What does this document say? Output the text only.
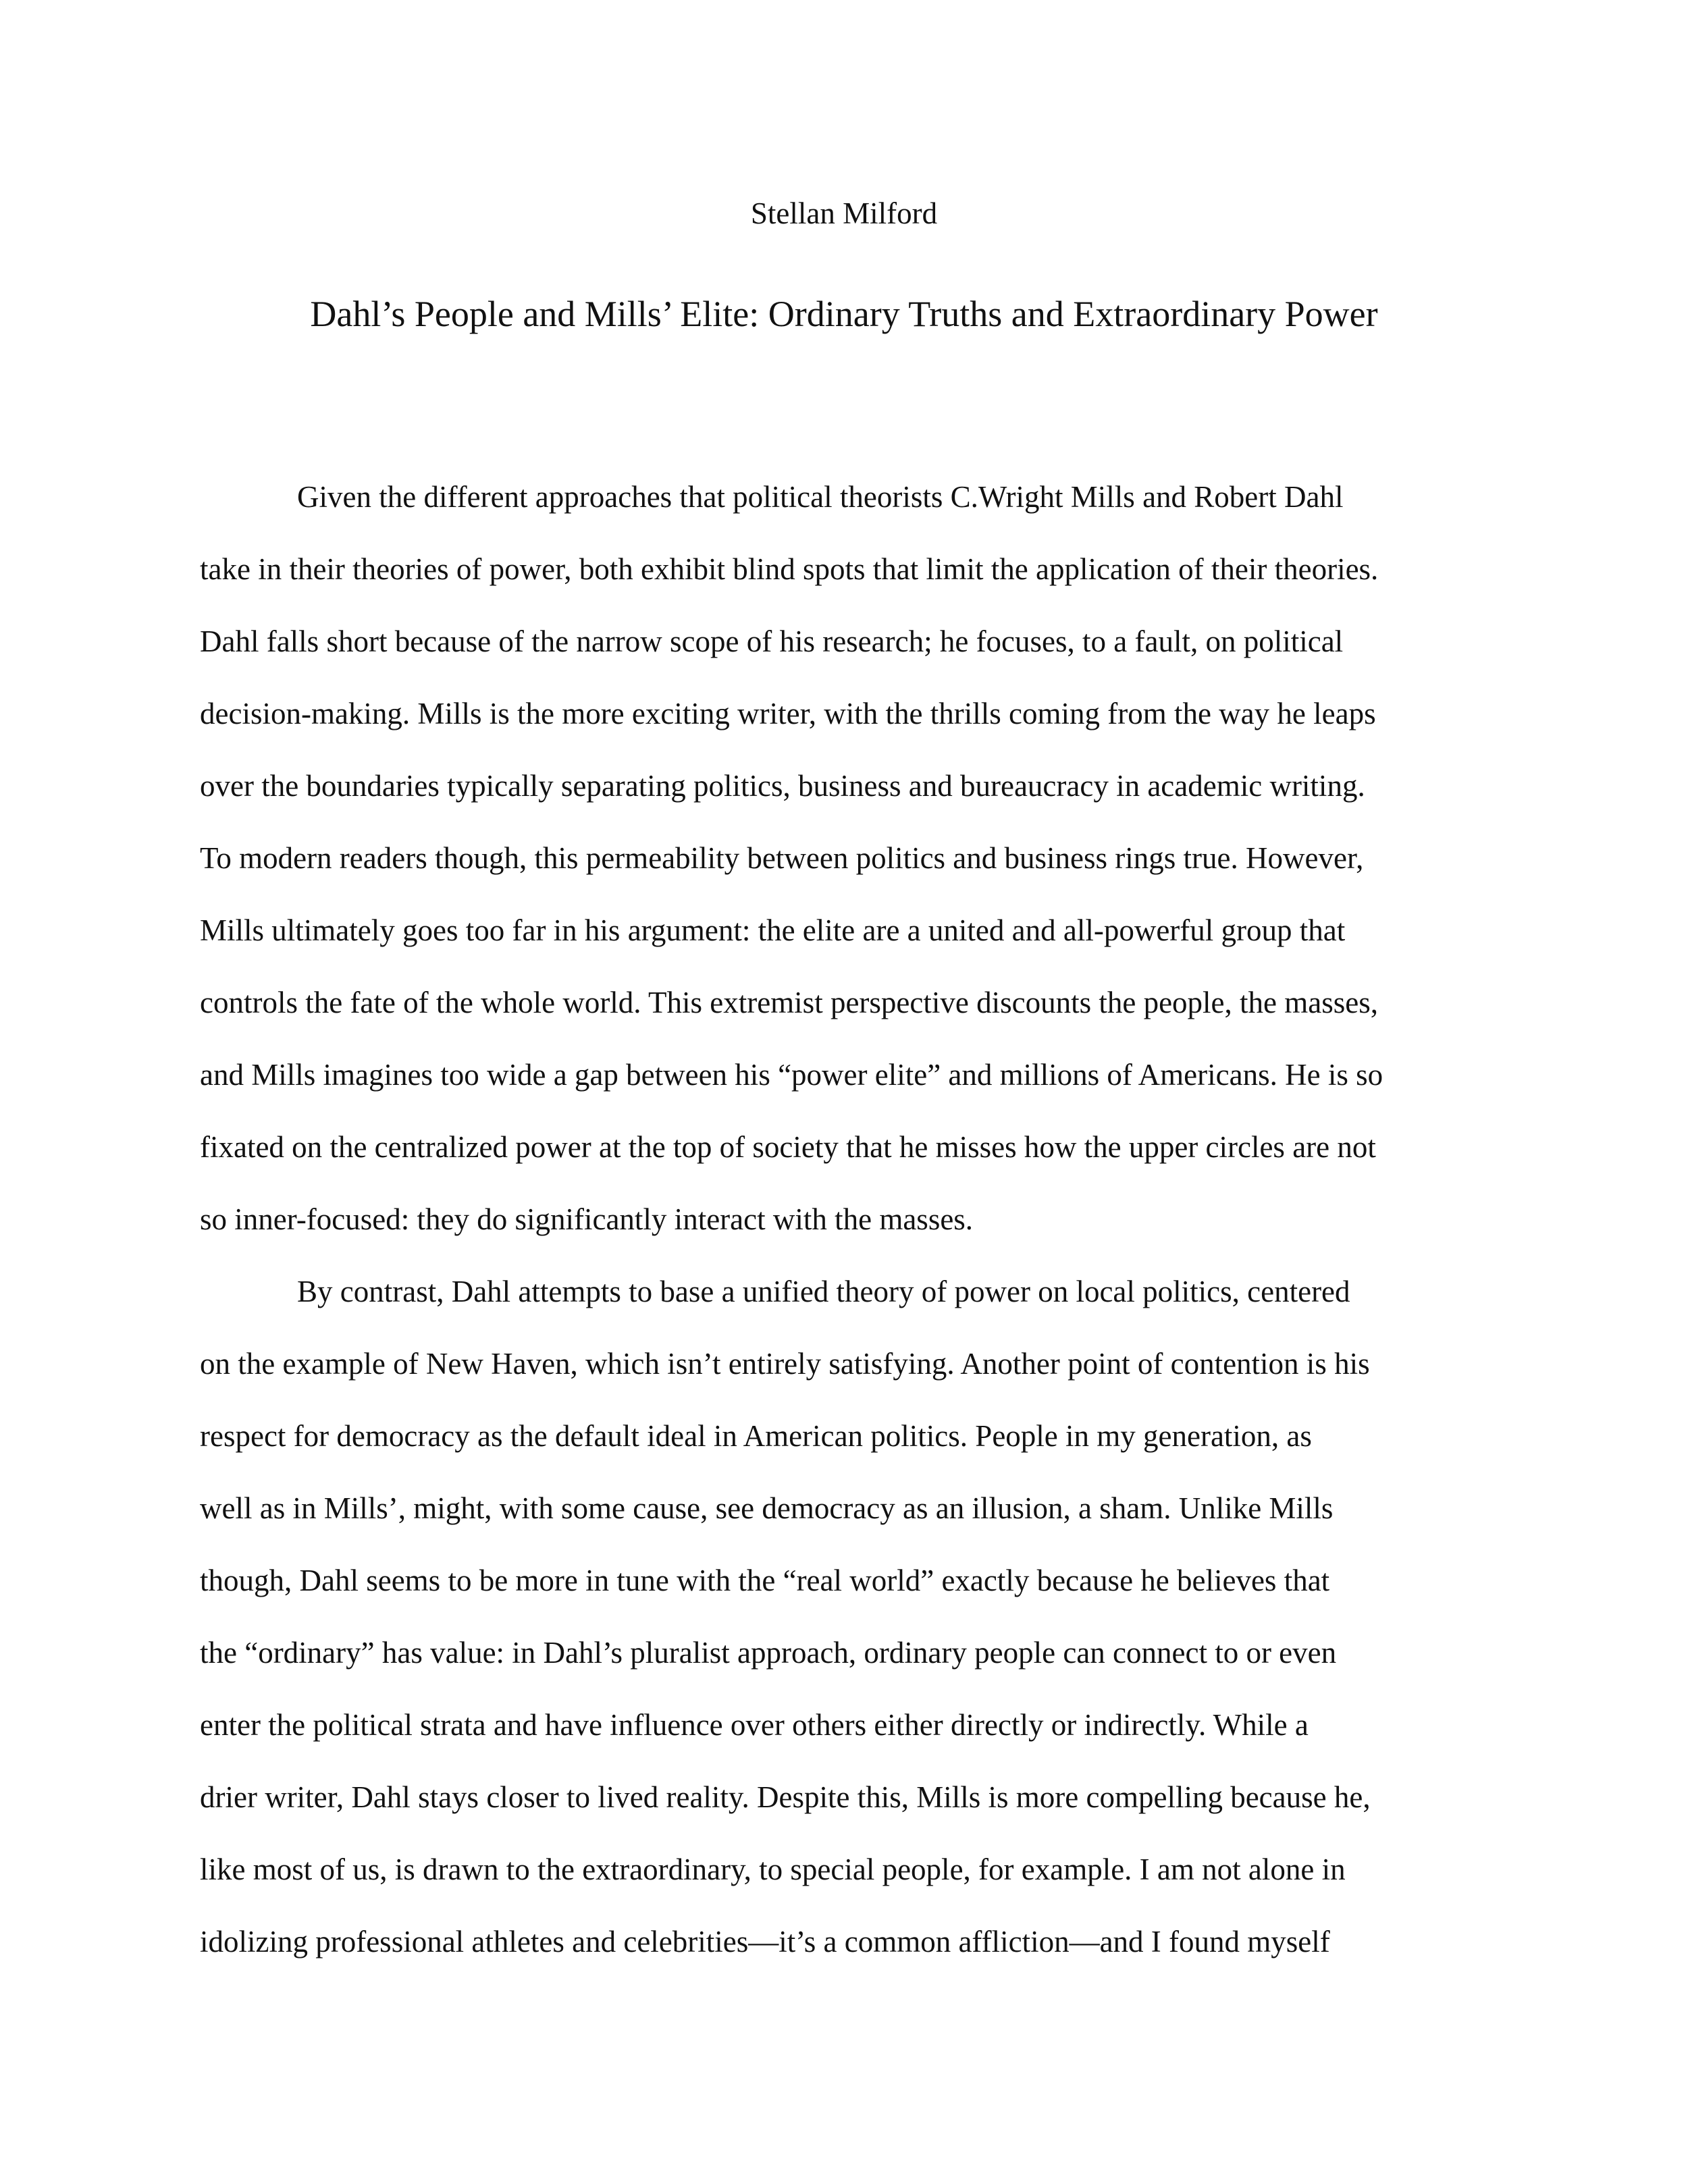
Stellan Milford
Dahl’s People and Mills’ Elite: Ordinary Truths and Extraordinary Power
Given the different approaches that political theorists C.Wright Mills and Robert Dahl
take in their theories of power, both exhibit blind spots that limit the application of their theories.
Dahl falls short because of the narrow scope of his research; he focuses, to a fault, on political
decision-making. Mills is the more exciting writer, with the thrills coming from the way he leaps
over the boundaries typically separating politics, business and bureaucracy in academic writing.
To modern readers though, this permeability between politics and business rings true. However,
Mills ultimately goes too far in his argument: the elite are a united and all-powerful group that
controls the fate of the whole world. This extremist perspective discounts the people, the masses,
and Mills imagines too wide a gap between his “power elite” and millions of Americans. He is so
fixated on the centralized power at the top of society that he misses how the upper circles are not
so inner-focused: they do significantly interact with the masses.
By contrast, Dahl attempts to base a unified theory of power on local politics, centered
on the example of New Haven, which isn’t entirely satisfying. Another point of contention is his
respect for democracy as the default ideal in American politics. People in my generation, as
well as in Mills’, might, with some cause, see democracy as an illusion, a sham. Unlike Mills
though, Dahl seems to be more in tune with the “real world” exactly because he believes that
the “ordinary” has value: in Dahl’s pluralist approach, ordinary people can connect to or even
enter the political strata and have influence over others either directly or indirectly. While a
drier writer, Dahl stays closer to lived reality. Despite this, Mills is more compelling because he,
like most of us, is drawn to the extraordinary, to special people, for example. I am not alone in
idolizing professional athletes and celebrities—it’s a common affliction—and I found myself
